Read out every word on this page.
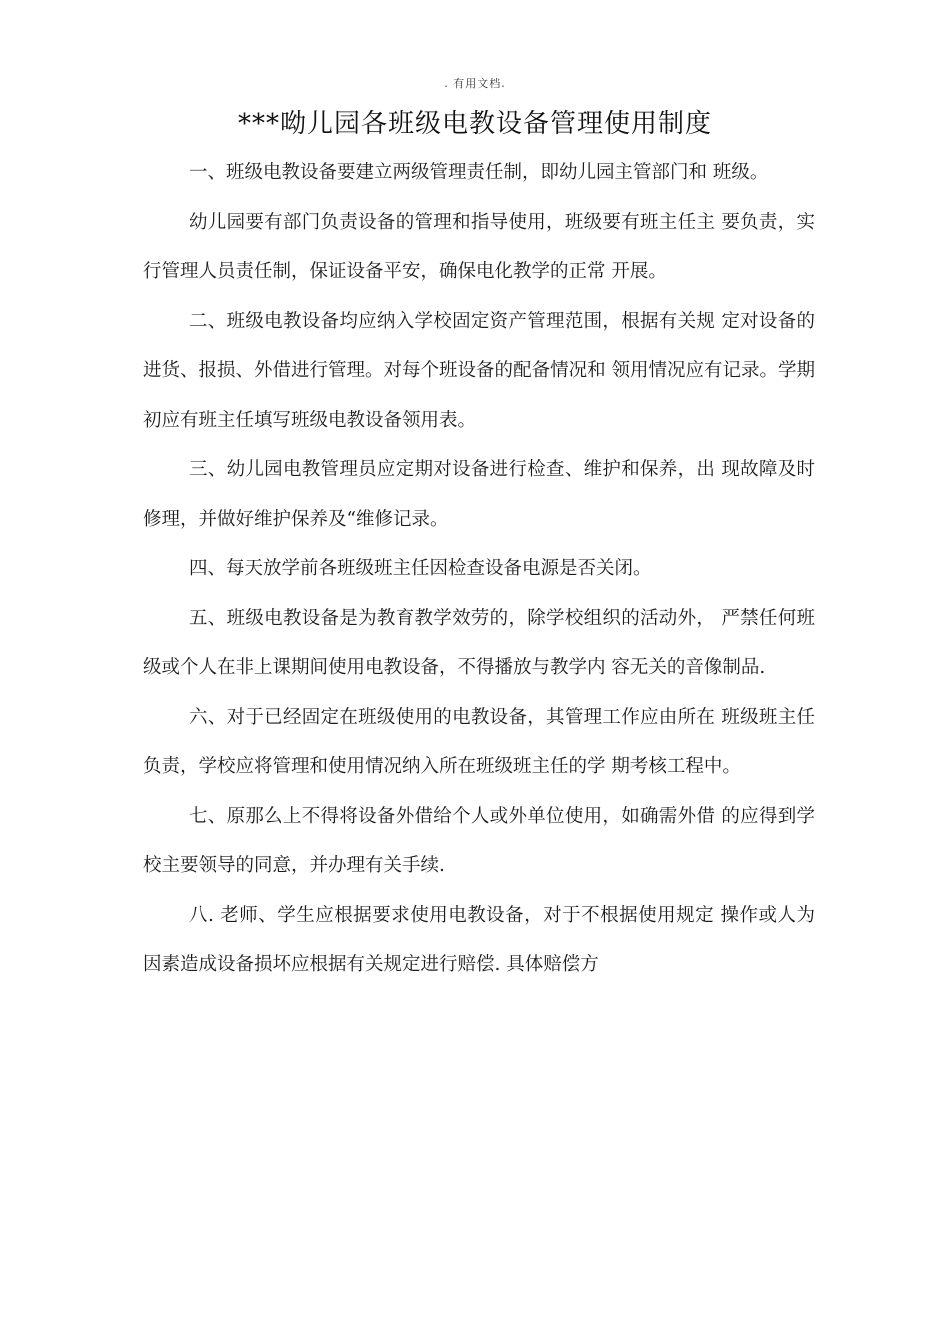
. 有用文档.
***呦儿园各班级电教设备管理使用制度

一、班级电教设备要建立两级管理责任制，即幼儿园主管部门和 班级。

幼儿园要有部门负责设备的管理和指导使用，班级要有班主任主 要负责，实行管理人员责任制，保证设备平安，确保电化教学的正常 开展。

二、班级电教设备均应纳入学校固定资产管理范围，根据有关规 定对设备的进货、报损、外借进行管理。对每个班设备的配备情况和 领用情况应有记录。学期初应有班主任填写班级电教设备领用表。

三、幼儿园电教管理员应定期对设备进行检查、维护和保养，出 现故障及时修理，并做好维护保养及“维修记录。

四、每天放学前各班级班主任因检查设备电源是否关闭。

五、班级电教设备是为教育教学效劳的，除学校组织的活动外， 严禁任何班级或个人在非上课期间使用电教设备，不得播放与教学内 容无关的音像制品.

六、对于已经固定在班级使用的电教设备，其管理工作应由所在 班级班主任负责，学校应将管理和使用情况纳入所在班级班主任的学 期考核工程中。

七、原那么上不得将设备外借给个人或外单位使用，如确需外借 的应得到学校主要领导的同意，并办理有关手续.

八. 老师、学生应根据要求使用电教设备，对于不根据使用规定 操作或人为因素造成设备损坏应根据有关规定进行赔偿. 具体赔偿方
